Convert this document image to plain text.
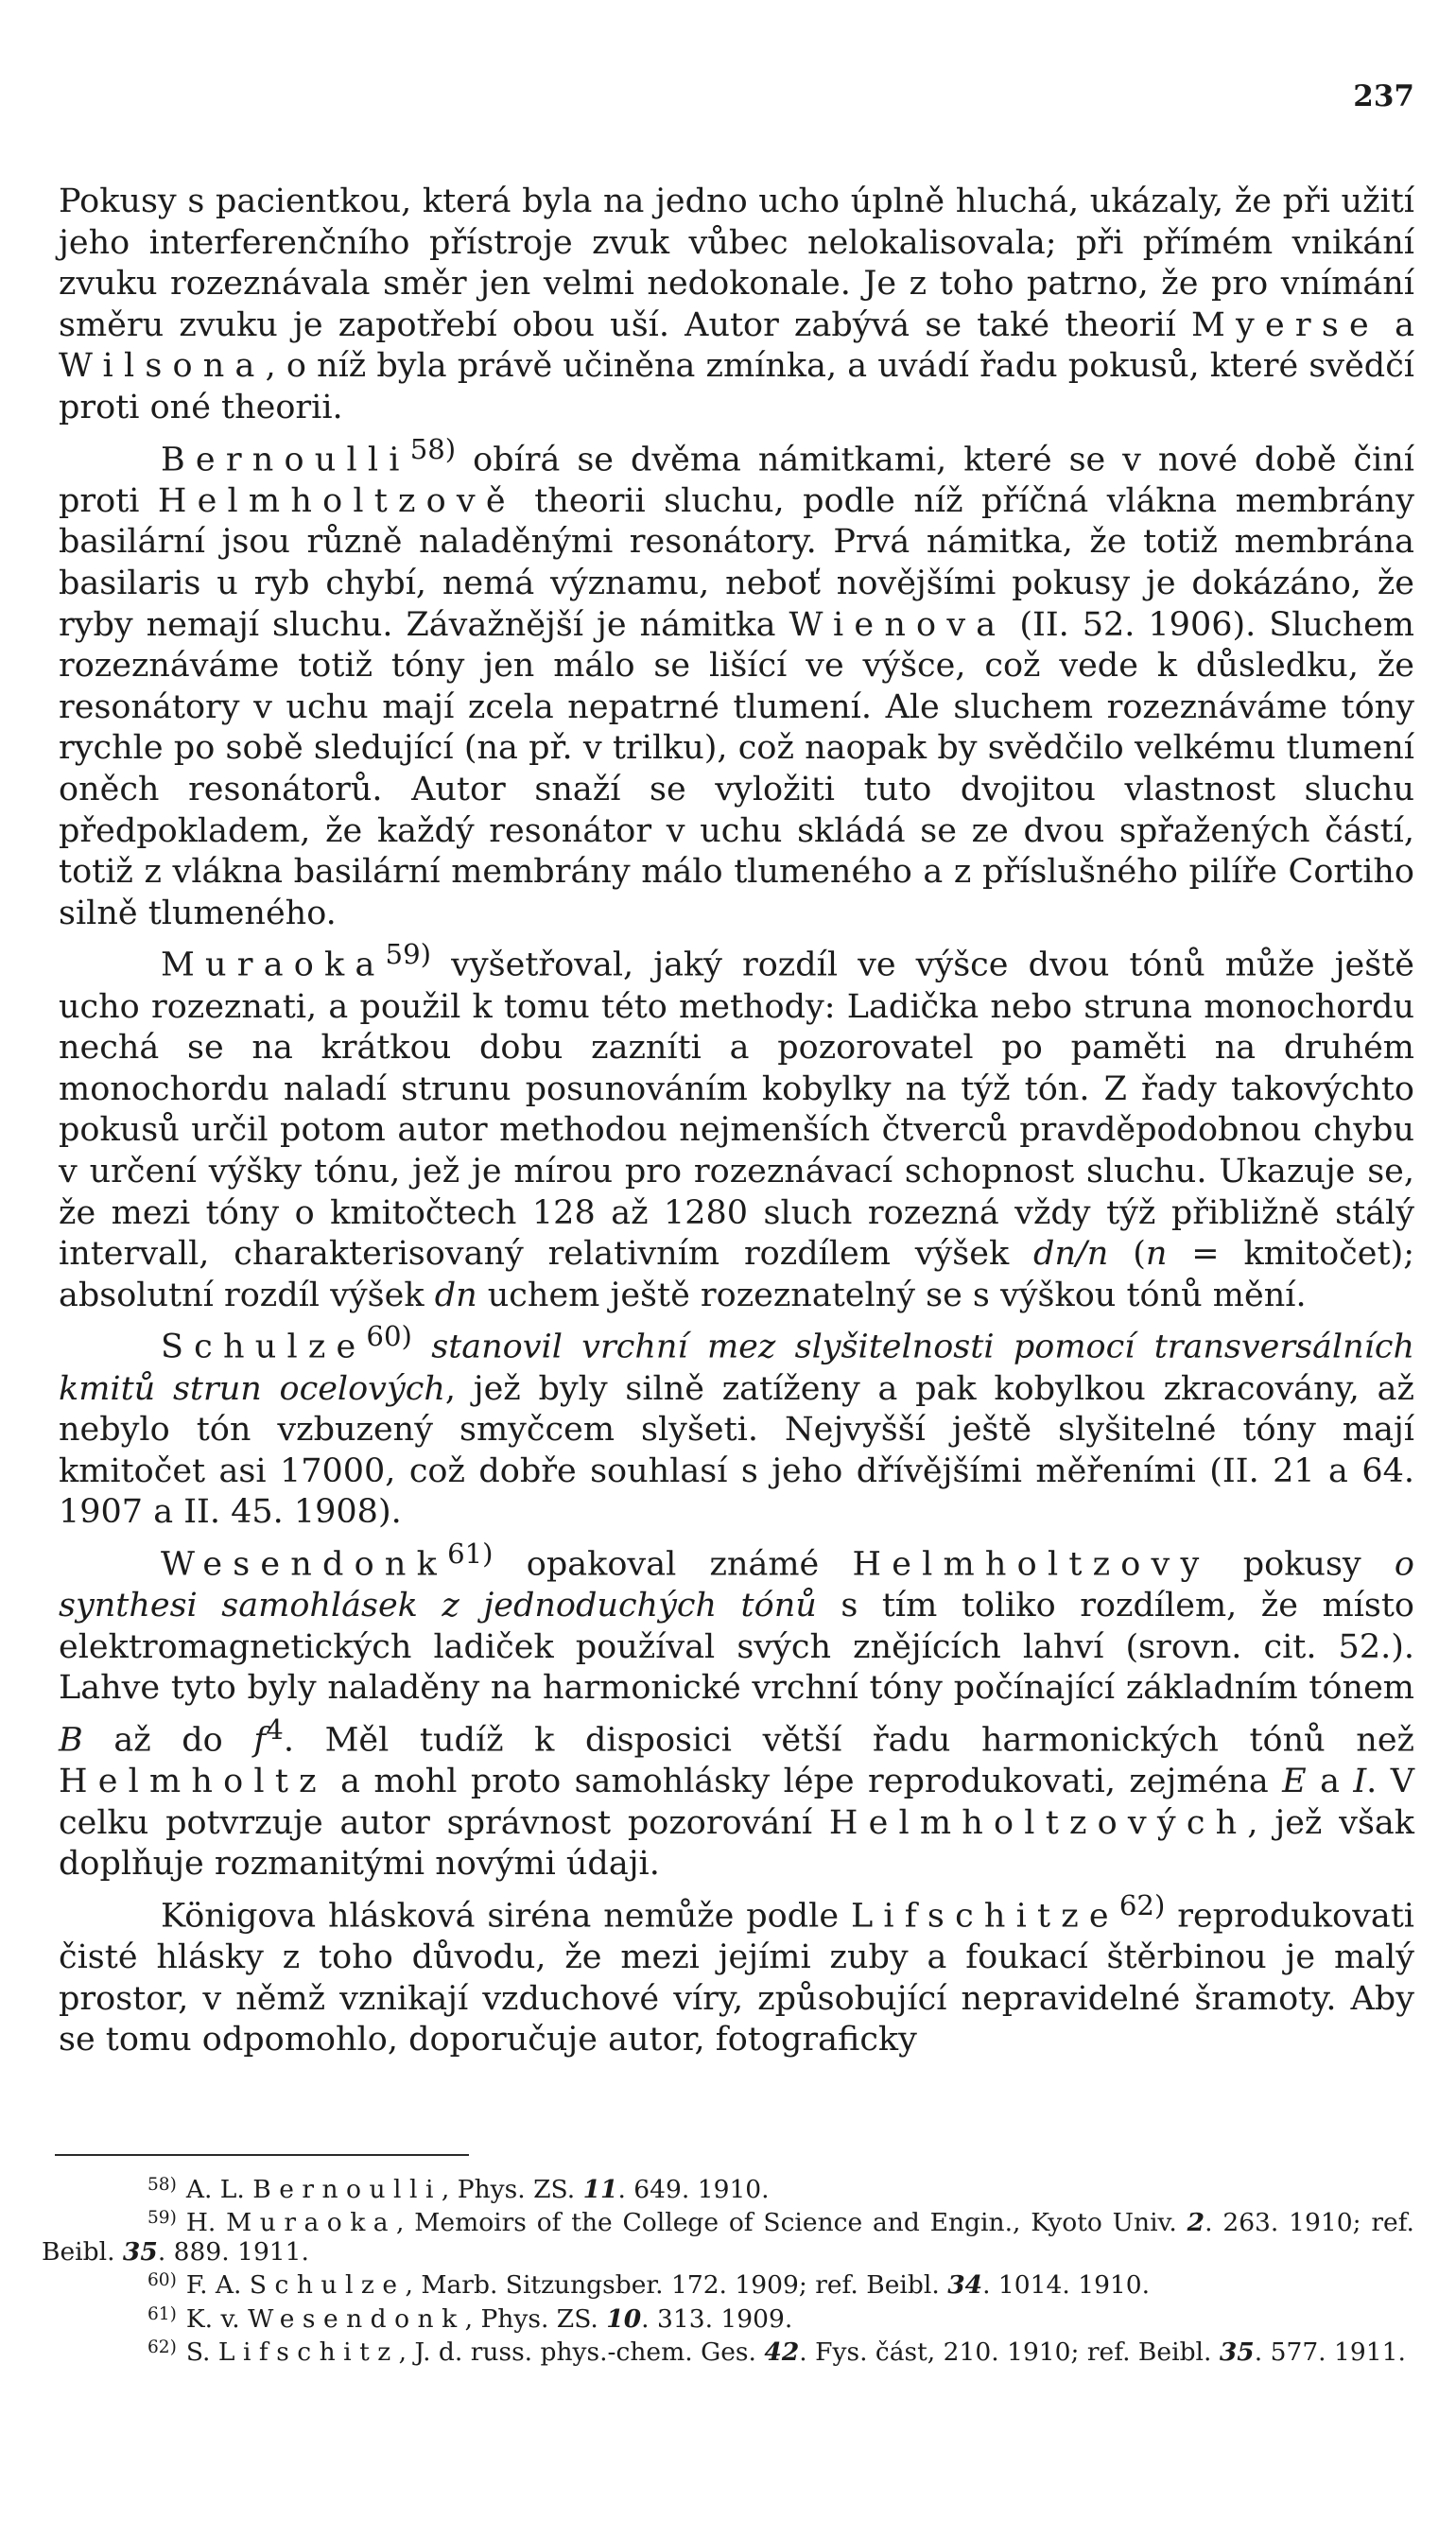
237

Pokusy s pacientkou, která byla na jedno ucho úplně hluchá, ukázaly, že při užití jeho interferenčního přístroje zvuk vůbec nelokalisovala; při přímém vnikání zvuku rozeznávala směr jen velmi nedokonale. Je z toho patrno, že pro vnímání směru zvuku je zapotřebí obou uší. Autor zabývá se také theorií Myerse a Wilsona, o níž byla právě učiněna zmínka, a uvádí řadu pokusů, které svědčí proti oné theorii.

Bernoulli$^{58)}$ obírá se dvěma námitkami, které se v nové době činí proti Helmholtzově theorii sluchu, podle níž příčná vlákna membrány basilární jsou různě naladěnými resonátory. Prvá námitka, že totiž membrána basilaris u ryb chybí, nemá významu, neboť novějšími pokusy je dokázáno, že ryby nemají sluchu. Závažnější je námitka Wienova (II. 52. 1906). Sluchem rozeznáváme totiž tóny jen málo se lišící ve výšce, což vede k důsledku, že resonátory v uchu mají zcela nepatrné tlumení. Ale sluchem rozeznáváme tóny rychle po sobě sledující (na př. v trilku), což naopak by svědčilo velkému tlumení oněch resonátorů. Autor snaží se vyložiti tuto dvojitou vlastnost sluchu předpokladem, že každý resonátor v uchu skládá se ze dvou spřažených částí, totiž z vlákna basilární membrány málo tlumeného a z příslušného pilíře Cortiho silně tlumeného.

Muraoka$^{59)}$ vyšetřoval, jaký rozdíl ve výšce dvou tónů může ještě ucho rozeznati, a použil k tomu této methody: Ladička nebo struna monochordu nechá se na krátkou dobu zazníti a pozorovatel po paměti na druhém monochordu naladí strunu posunováním kobylky na týž tón. Z řady takovýchto pokusů určil potom autor methodou nejmenších čtverců pravděpodobnou chybu v určení výšky tónu, jež je mírou pro rozeznávací schopnost sluchu. Ukazuje se, že mezi tóny o kmitočtech 128 až 1280 sluch rozezná vždy týž přibližně stálý intervall, charakterisovaný relativním rozdílem výšek dn/n (n = kmitočet); absolutní rozdíl výšek dn uchem ještě rozeznatelný se s výškou tónů mění.

Schulze$^{60)}$ stanovil vrchní mez slyšitelnosti pomocí transversálních kmitů strun ocelových, jež byly silně zatíženy a pak kobylkou zkracovány, až nebylo tón vzbuzený smyčcem slyšeti. Nejvyšší ještě slyšitelné tóny mají kmitočet asi 17000, což dobře souhlasí s jeho dřívějšími měřeními (II. 21 a 64. 1907 a II. 45. 1908).

Wesendonk$^{61)}$ opakoval známé Helmholtzovy pokusy o synthesi samohlásek z jednoduchých tónů s tím toliko rozdílem, že místo elektromagnetických ladiček používal svých znějících lahví (srovn. cit. 52.). Lahve tyto byly naladěny na harmonické vrchní tóny počínající základním tónem B až do $f^4$. Měl tudíž k disposici větší řadu harmonických tónů než Helmholtz a mohl proto samohlásky lépe reprodukovati, zejména E a I. V celku potvrzuje autor správnost pozorování Helmholtzových, jež však doplňuje rozmanitými novými údaji.

Königova hlásková siréna nemůže podle Lifschitze$^{62)}$ reprodukovati čisté hlásky z toho důvodu, že mezi jejími zuby a foukací štěrbinou je malý prostor, v němž vznikají vzduchové víry, způsobující nepravidelné šramoty. Aby se tomu odpomohlo, doporučuje autor, fotograficky

$^{58)}$ A. L. Bernoulli, Phys. ZS. 11. 649. 1910.

$^{59)}$ H. Muraoka, Memoirs of the College of Science and Engin., Kyoto Univ. 2. 263. 1910; ref. Beibl. 35. 889. 1911.

$^{60)}$ F. A. Schulze, Marb. Sitzungsber. 172. 1909; ref. Beibl. 34. 1014. 1910.

$^{61)}$ K. v. Wesendonk, Phys. ZS. 10. 313. 1909.

$^{62)}$ S. Lifschitz, J. d. russ. phys.-chem. Ges. 42. Fys. část, 210. 1910; ref. Beibl. 35. 577. 1911.
